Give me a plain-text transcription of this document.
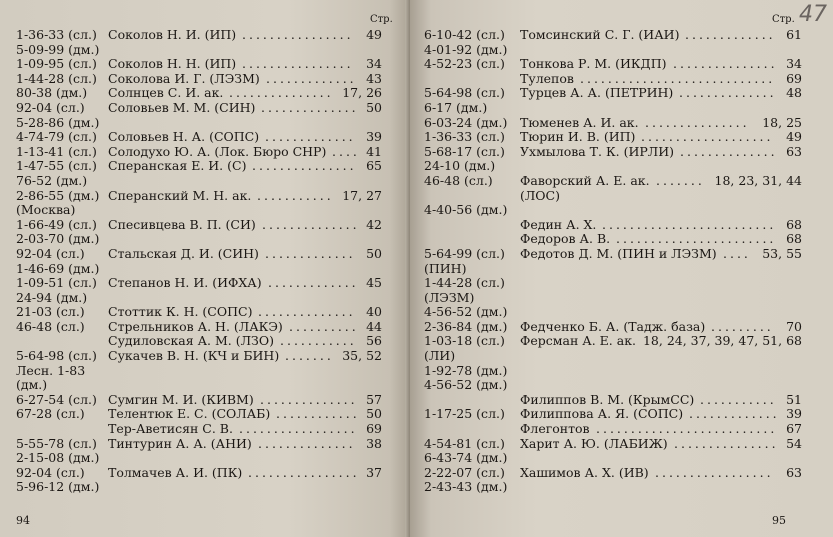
Стр.
1-36-33 (сл.) Соколов Н. И. (ИП)	49
................
5-09-99 (дм.)
1-09-95 (сл.) Соколов Н. Н. (ИП)	34
................
1-44-28 (сл.) Соколова И. Г. (ЛЭЗМ)	43
.............
80-38 (дм.) Солнцев С. И. ак.	17, 26
...............
92-04 (сл.) Соловьев М. М. (СИН)	50
..............
5-28-86 (дм.)
4-74-79 (сл.) Соловьев Н. А. (СОПС)	39
.............
1-13-41 (сл.) Солодухо Ю. А. (Лок. Бюро СНР)	41
....
1-47-55 (сл.) Сперанская Е. И. (С)	65
...............
76-52 (дм.)
2-86-55 (дм.) Сперанский М. Н. ак.	17, 27
...........
(Москва)
1-66-49 (сл.) Спесивцева В. П. (СИ)	42
..............
2-03-70 (дм.)
92-04 (сл.) Стальская Д. И. (СИН)	50
.............
1-46-69 (дм.)
1-09-51 (сл.) Степанов Н. И. (ИФХА)	45
.............
24-94 (дм.)
21-03 (сл.) Стоттик К. Н. (СОПС)	40
..............
46-48 (сл.) Стрельников А. Н. (ЛАКЭ)	44
..........
Судиловская А. М. (ЛЗО)	56
...........
5-64-98 (сл.) Сукачев В. Н. (КЧ и БИН)	35, 52
.......
Лесн. 1-83
(дм.)
6-27-54 (сл.) Сумгин М. И. (КИВМ)	57
..............
67-28 (сл.) Телентюк Е. С. (СОЛАБ)	50
............
Тер-Аветисян С. В.	69
.................
5-55-78 (сл.) Тинтурин А. А. (АНИ)	38
..............
2-15-08 (дм.)
92-04 (сл.) Толмачев А. И. (ПК)	37
................
5-96-12 (дм.)
94
Стр. 47
6-10-42 (сл.) Томсинский С. Г. (ИАИ)	61
.............
4-01-92 (дм.)
4-52-23 (сл.) Тонкова Р. М. (ИКДП)	34
...............
Тулепов	69
............................
5-64-98 (сл.) Турцев А. А. (ПЕТРИН)	48
..............
6-17 (дм.)
6-03-24 (дм.) Тюменев А. И. ак.	18, 25
...............
1-36-33 (сл.) Тюрин И. В. (ИП)	49
...................
5-68-17 (сл.) Ухмылова Т. К. (ИРЛИ)	63
..............
24-10 (дм.)
46-48 (сл.) Фаворский А. Е. ак.	18, 23, 31, 44
.......
(ЛОС)
4-40-56 (дм.)
Федин А. Х.	68
.........................
Федоров А. В.	68
.......................
5-64-99 (сл.) Федотов Д. М. (ПИН и ЛЭЗМ)	53, 55
....
(ПИН)
1-44-28 (сл.)
(ЛЭЗМ)
4-56-52 (дм.)
2-36-84 (дм.) Федченко Б. А. (Тадж. база)	70
.........
1-03-18 (сл.) Ферсман А. Е. ак. 18, 24, 37, 39, 47, 51, 68
(ЛИ)
1-92-78 (дм.)
4-56-52 (дм.)
Филиппов В. М. (КрымСС)	51
...........
1-17-25 (сл.) Филиппова А. Я. (СОПС)	39
.............
Флегонтов	67
..........................
4-54-81 (сл.) Харит А. Ю. (ЛАБИЖ)	54
...............
6-43-74 (дм.)
2-22-07 (сл.) Хашимов А. Х. (ИВ)	63
.................
2-43-43 (дм.)
95
